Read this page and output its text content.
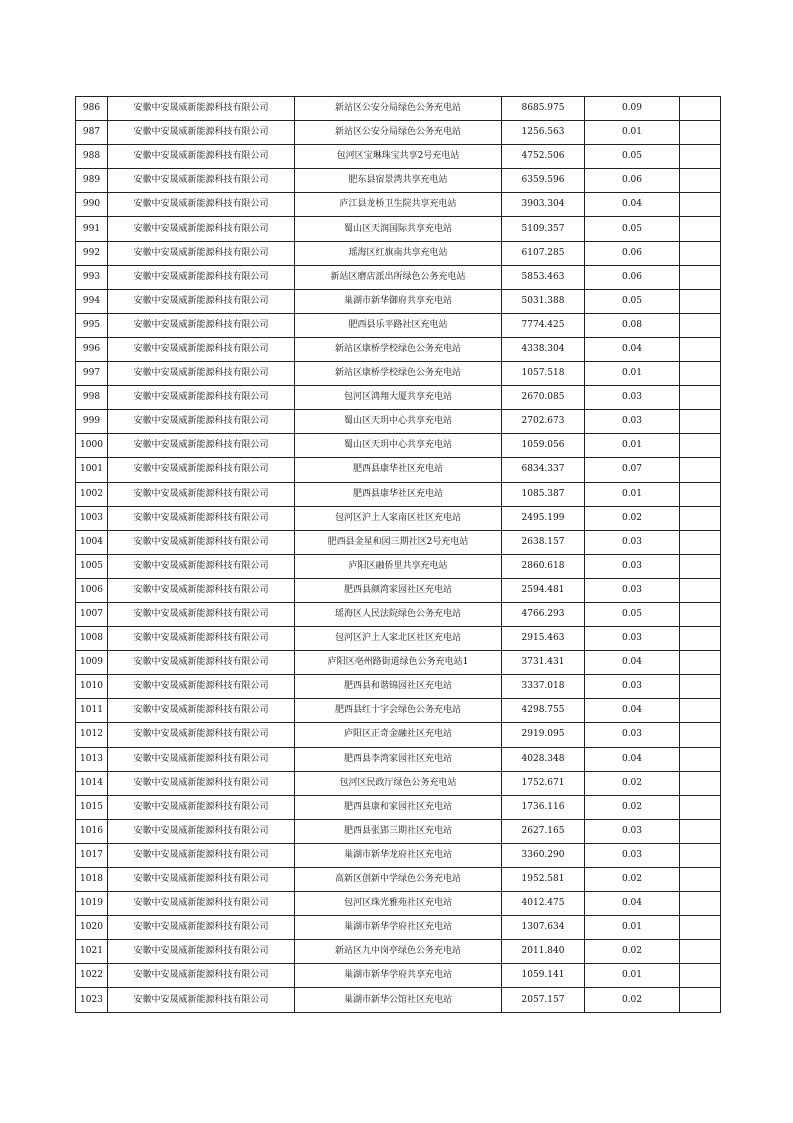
986	安徽中安晟威新能源科技有限公司	新站区公安分局绿色公务充电站	8685.975	0.09	
987	安徽中安晟威新能源科技有限公司	新站区公安分局绿色公务充电站	1256.563	0.01	
988	安徽中安晟威新能源科技有限公司	包河区宝琳珠宝共享2号充电站	4752.506	0.05	
989	安徽中安晟威新能源科技有限公司	肥东县宿景湾共享充电站	6359.596	0.06	
990	安徽中安晟威新能源科技有限公司	庐江县龙桥卫生院共享充电站	3903.304	0.04	
991	安徽中安晟威新能源科技有限公司	蜀山区天润国际共享充电站	5109.357	0.05	
992	安徽中安晟威新能源科技有限公司	瑶海区红旗南共享充电站	6107.285	0.06	
993	安徽中安晟威新能源科技有限公司	新站区磨店派出所绿色公务充电站	5853.463	0.06	
994	安徽中安晟威新能源科技有限公司	巢湖市新华御府共享充电站	5031.388	0.05	
995	安徽中安晟威新能源科技有限公司	肥西县乐平路社区充电站	7774.425	0.08	
996	安徽中安晟威新能源科技有限公司	新站区康桥学校绿色公务充电站	4338.304	0.04	
997	安徽中安晟威新能源科技有限公司	新站区康桥学校绿色公务充电站	1057.518	0.01	
998	安徽中安晟威新能源科技有限公司	包河区鸿翔大厦共享充电站	2670.085	0.03	
999	安徽中安晟威新能源科技有限公司	蜀山区天玥中心共享充电站	2702.673	0.03	
1000	安徽中安晟威新能源科技有限公司	蜀山区天玥中心共享充电站	1059.056	0.01	
1001	安徽中安晟威新能源科技有限公司	肥西县康华社区充电站	6834.337	0.07	
1002	安徽中安晟威新能源科技有限公司	肥西县康华社区充电站	1085.387	0.01	
1003	安徽中安晟威新能源科技有限公司	包河区沪上人家南区社区充电站	2495.199	0.02	
1004	安徽中安晟威新能源科技有限公司	肥西县金星和园三期社区2号充电站	2638.157	0.03	
1005	安徽中安晟威新能源科技有限公司	庐阳区融侨里共享充电站	2860.618	0.03	
1006	安徽中安晟威新能源科技有限公司	肥西县颜湾家园社区充电站	2594.481	0.03	
1007	安徽中安晟威新能源科技有限公司	瑶海区人民法院绿色公务充电站	4766.293	0.05	
1008	安徽中安晟威新能源科技有限公司	包河区沪上人家北区社区充电站	2915.463	0.03	
1009	安徽中安晟威新能源科技有限公司	庐阳区亳州路街道绿色公务充电站1	3731.431	0.04	
1010	安徽中安晟威新能源科技有限公司	肥西县和谐锦园社区充电站	3337.018	0.03	
1011	安徽中安晟威新能源科技有限公司	肥西县红十字会绿色公务充电站	4298.755	0.04	
1012	安徽中安晟威新能源科技有限公司	庐阳区正奇金融社区充电站	2919.095	0.03	
1013	安徽中安晟威新能源科技有限公司	肥西县李湾家园社区充电站	4028.348	0.04	
1014	安徽中安晟威新能源科技有限公司	包河区民政厅绿色公务充电站	1752.671	0.02	
1015	安徽中安晟威新能源科技有限公司	肥西县康和家园社区充电站	1736.116	0.02	
1016	安徽中安晟威新能源科技有限公司	肥西县张郢三期社区充电站	2627.165	0.03	
1017	安徽中安晟威新能源科技有限公司	巢湖市新华龙府社区充电站	3360.290	0.03	
1018	安徽中安晟威新能源科技有限公司	高新区创新中学绿色公务充电站	1952.581	0.02	
1019	安徽中安晟威新能源科技有限公司	包河区珠光雅苑社区充电站	4012.475	0.04	
1020	安徽中安晟威新能源科技有限公司	巢湖市新华学府社区充电站	1307.634	0.01	
1021	安徽中安晟威新能源科技有限公司	新站区九中岗亭绿色公务充电站	2011.840	0.02	
1022	安徽中安晟威新能源科技有限公司	巢湖市新华学府共享充电站	1059.141	0.01	
1023	安徽中安晟威新能源科技有限公司	巢湖市新华公馆社区充电站	2057.157	0.02	
